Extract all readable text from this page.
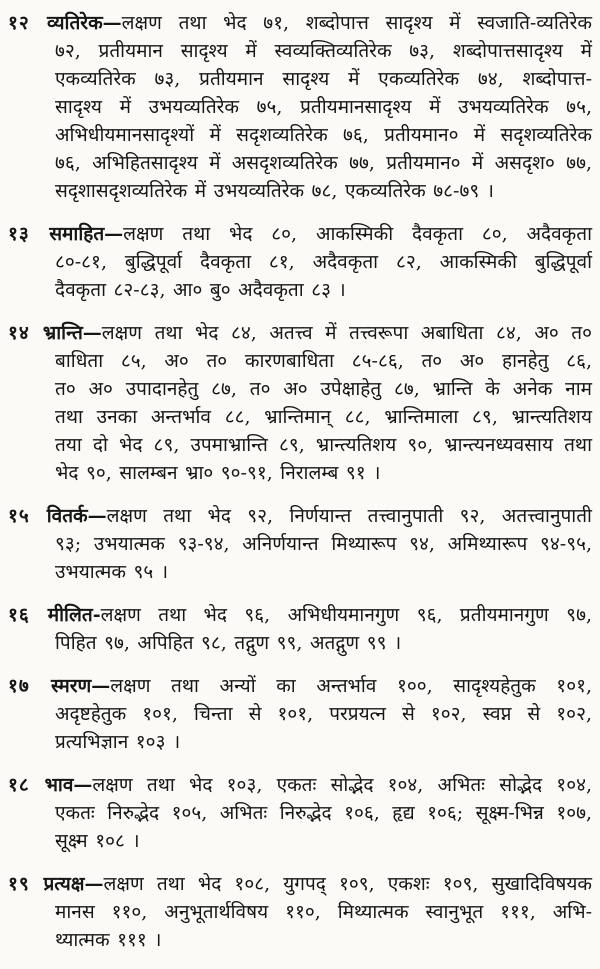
१२ व्यतिरेक—लक्षण तथा भेद ७१, शब्दोपात्त सादृश्य में स्वजाति-व्यतिरेक
७२, प्रतीयमान सादृश्य में स्वव्यक्तिव्यतिरेक ७३, शब्दोपात्तसादृश्य में
एकव्यतिरेक ७३, प्रतीयमान सादृश्य में एकव्यतिरेक ७४, शब्दोपात्त-
सादृश्य में उभयव्यतिरेक ७५, प्रतीयमानसादृश्य में उभयव्यतिरेक ७५,
अभिधीयमानसादृश्यों में सदृशव्यतिरेक ७६, प्रतीयमान० में सदृशव्यतिरेक
७६, अभिहितसादृश्य में असदृशव्यतिरेक ७७, प्रतीयमान० में असदृश० ७७,
सदृशासदृशव्यतिरेक में उभयव्यतिरेक ७८, एकव्यतिरेक ७८-७९ ।
१३ समाहित—लक्षण तथा भेद ८०, आकस्मिकी दैवकृता ८०, अदैवकृता
८०-८१, बुद्धिपूर्वा दैवकृता ८१, अदैवकृता ८२, आकस्मिकी बुद्धिपूर्वा
दैवकृता ८२-८३, आ० बु० अदैवकृता ८३ ।
१४ भ्रान्ति—लक्षण तथा भेद ८४, अतत्त्व में तत्त्वरूपा अबाधिता ८४, अ० त०
बाधिता ८५, अ० त० कारणबाधिता ८५-८६, त० अ० हानहेतु ८६,
त० अ० उपादानहेतु ८७, त० अ० उपेक्षाहेतु ८७, भ्रान्ति के अनेक नाम
तथा उनका अन्तर्भाव ८८, भ्रान्तिमान् ८८, भ्रान्तिमाला ८९, भ्रान्त्यतिशय
तया दो भेद ८९, उपमाभ्रान्ति ८९, भ्रान्त्यतिशय ९०, भ्रान्त्यनध्यवसाय तथा
भेद ९०, सालम्बन भ्रा० ९०-९१, निरालम्ब ९१ ।
१५ वितर्क—लक्षण तथा भेद ९२, निर्णयान्त तत्त्वानुपाती ९२, अतत्त्वानुपाती
९३; उभयात्मक ९३-९४, अनिर्णयान्त मिथ्यारूप ९४, अमिथ्यारूप ९४-९५,
उभयात्मक ९५ ।
१६ मीलित-लक्षण तथा भेद ९६, अभिधीयमानगुण ९६, प्रतीयमानगुण ९७,
पिहित ९७, अपिहित ९८, तद्गुण ९९, अतद्गुण ९९ ।
१७ स्मरण—लक्षण तथा अन्यों का अन्तर्भाव १००, सादृश्यहेतुक १०१,
अदृष्टहेतुक १०१, चिन्ता से १०१, परप्रयत्न से १०२, स्वप्न से १०२,
प्रत्यभिज्ञान १०३ ।
१८ भाव—लक्षण तथा भेद १०३, एकतः सोद्भेद १०४, अभितः सोद्भेद १०४,
एकतः निरुद्भेद १०५, अभितः निरुद्भेद १०६, हृद्य १०६; सूक्ष्म-भिन्न १०७,
सूक्ष्म १०८ ।
१९ प्रत्यक्ष—लक्षण तथा भेद १०८, युगपद् १०९, एकशः १०९, सुखादिविषयक
मानस ११०, अनुभूतार्थविषय ११०, मिथ्यात्मक स्वानुभूत १११, अभि-
थ्यात्मक १११ ।
